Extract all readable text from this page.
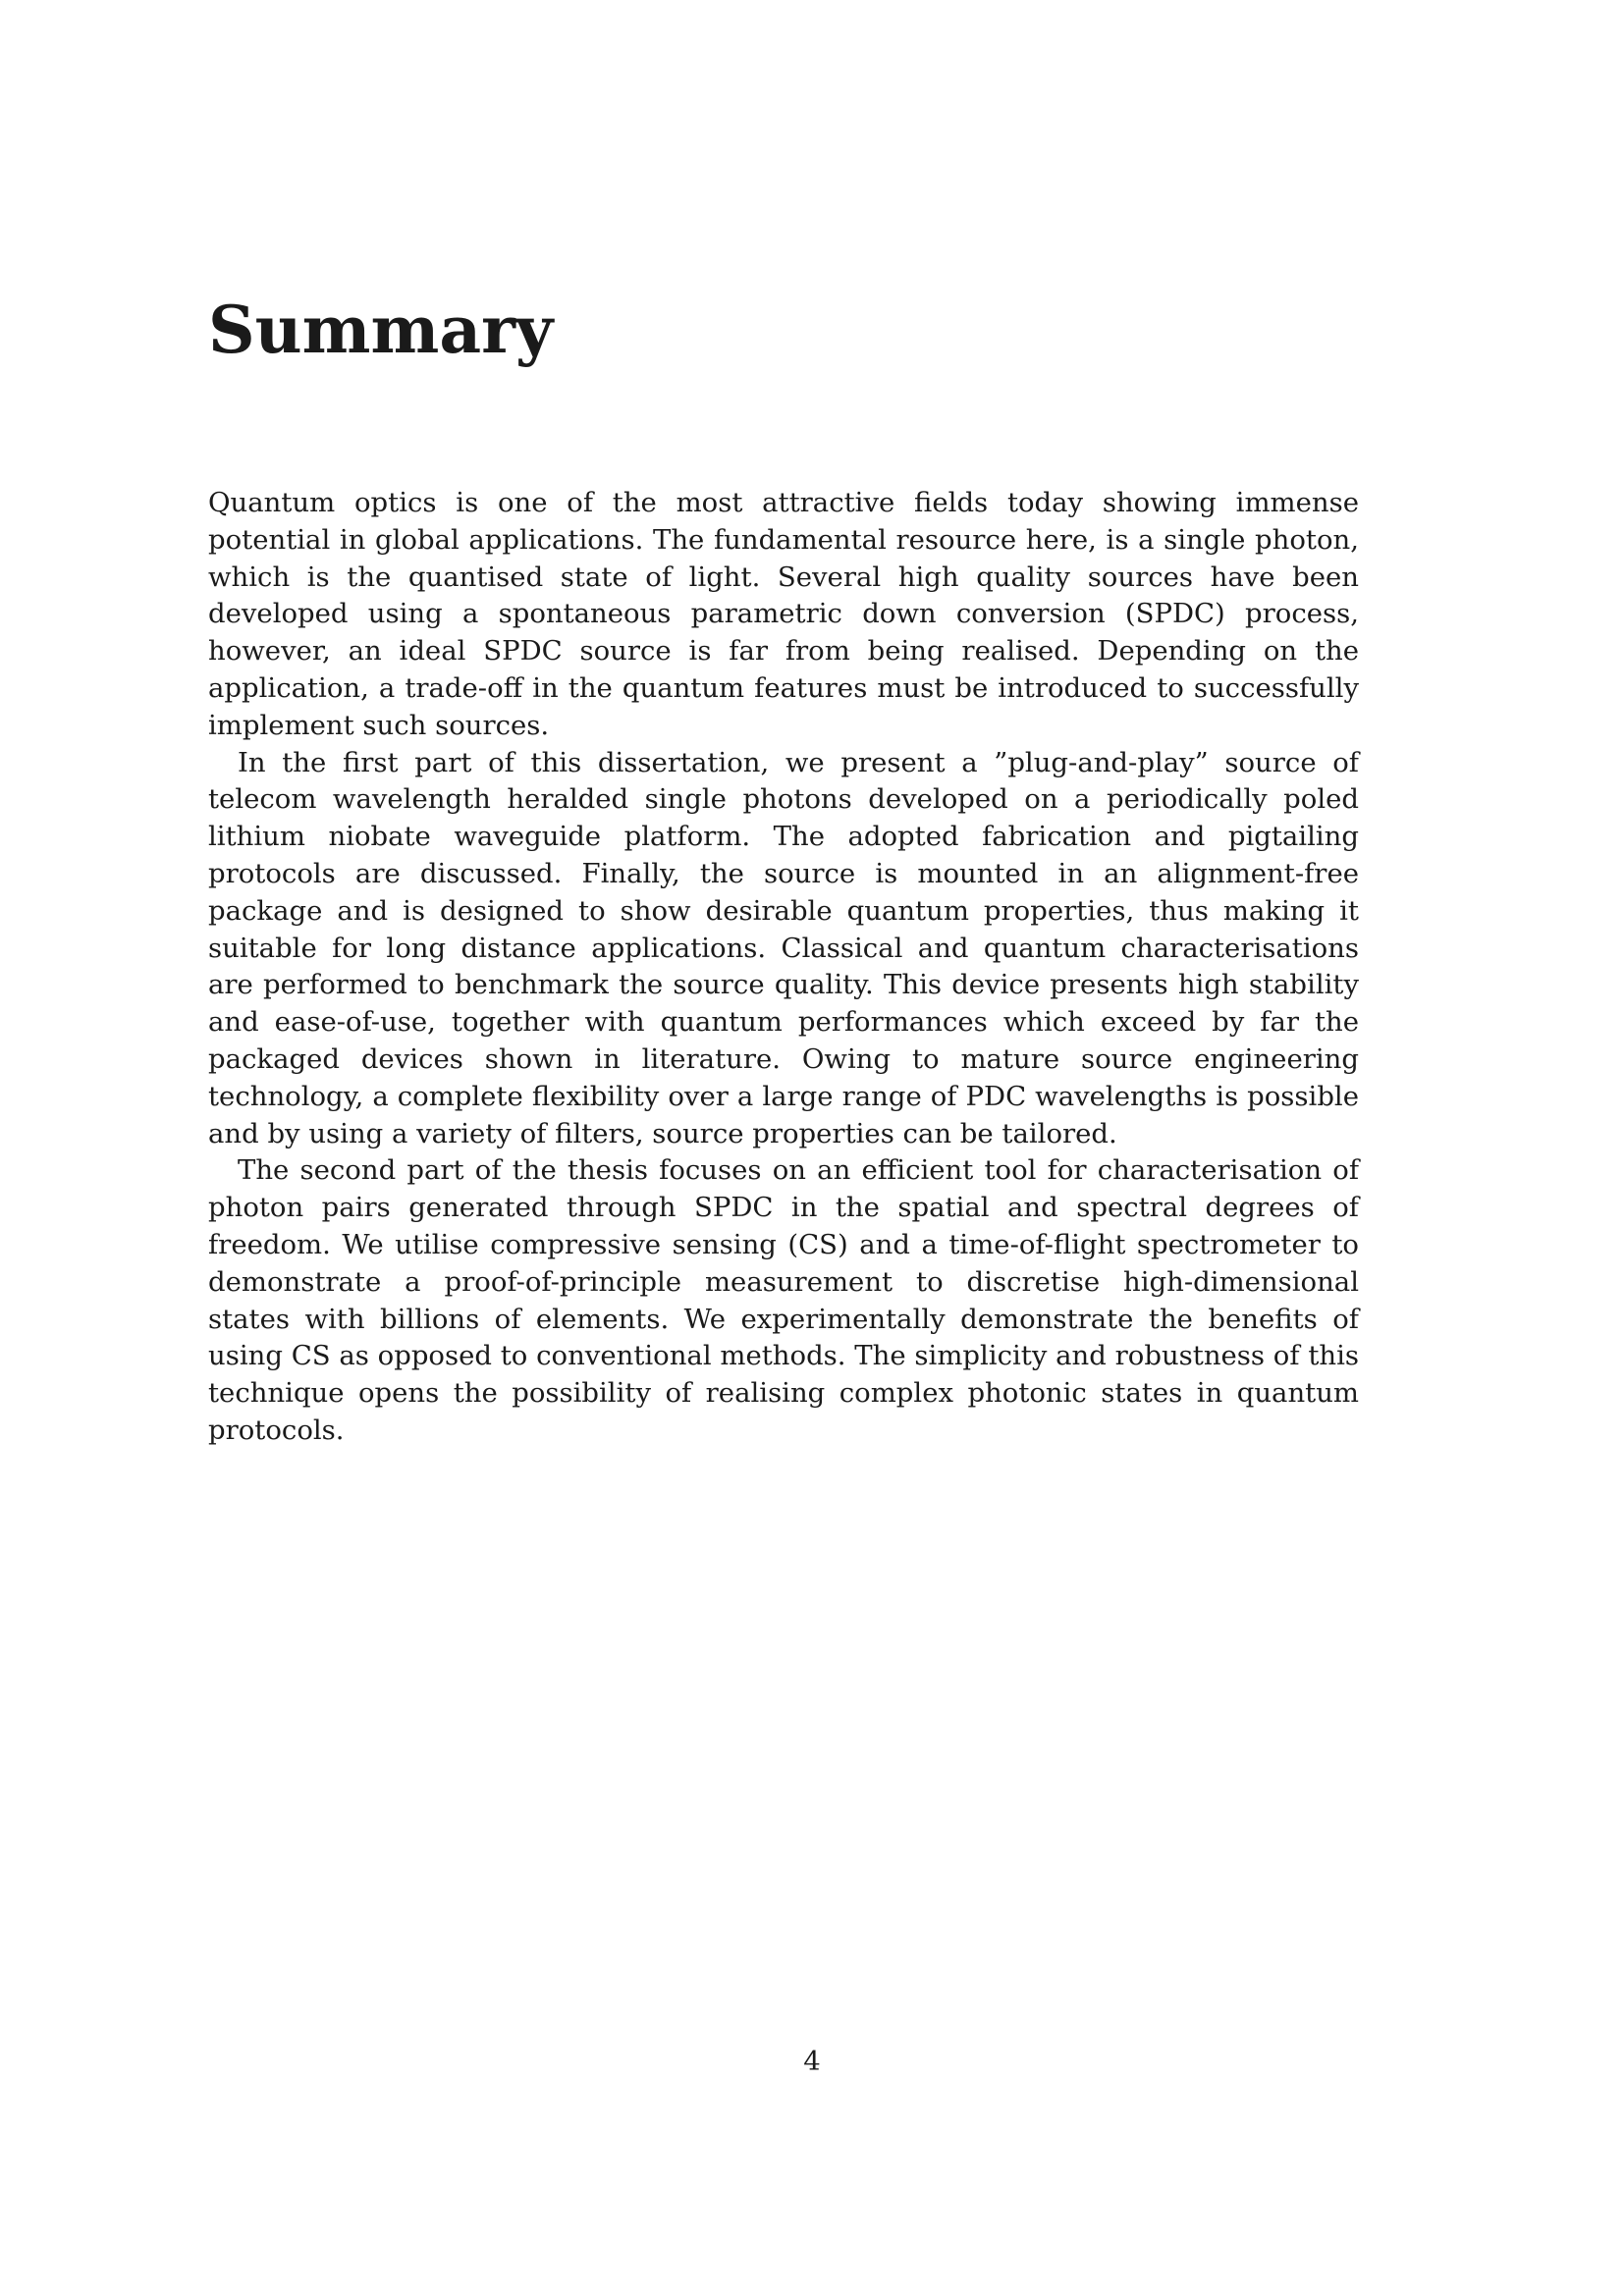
Summary

Quantum optics is one of the most attractive fields today showing immense potential in global applications. The fundamental resource here, is a single photon, which is the quantised state of light. Several high quality sources have been developed using a spontaneous parametric down conversion (SPDC) process, however, an ideal SPDC source is far from being realised. Depending on the application, a trade-off in the quantum features must be introduced to successfully implement such sources.

In the first part of this dissertation, we present a ”plug-and-play” source of telecom wavelength heralded single photons developed on a periodically poled lithium niobate waveguide platform. The adopted fabrication and pigtailing protocols are discussed. Finally, the source is mounted in an alignment-free package and is designed to show desirable quantum properties, thus making it suitable for long distance applications. Classical and quantum characterisations are performed to benchmark the source quality. This device presents high stability and ease-of-use, together with quantum performances which exceed by far the packaged devices shown in literature. Owing to mature source engineering technology, a complete flexibility over a large range of PDC wavelengths is possible and by using a variety of filters, source properties can be tailored.

The second part of the thesis focuses on an efficient tool for characterisation of photon pairs generated through SPDC in the spatial and spectral degrees of freedom. We utilise compressive sensing (CS) and a time-of-flight spectrometer to demonstrate a proof-of-principle measurement to discretise high-dimensional states with billions of elements. We experimentally demonstrate the benefits of using CS as opposed to conventional methods. The simplicity and robustness of this technique opens the possibility of realising complex photonic states in quantum protocols.

4
